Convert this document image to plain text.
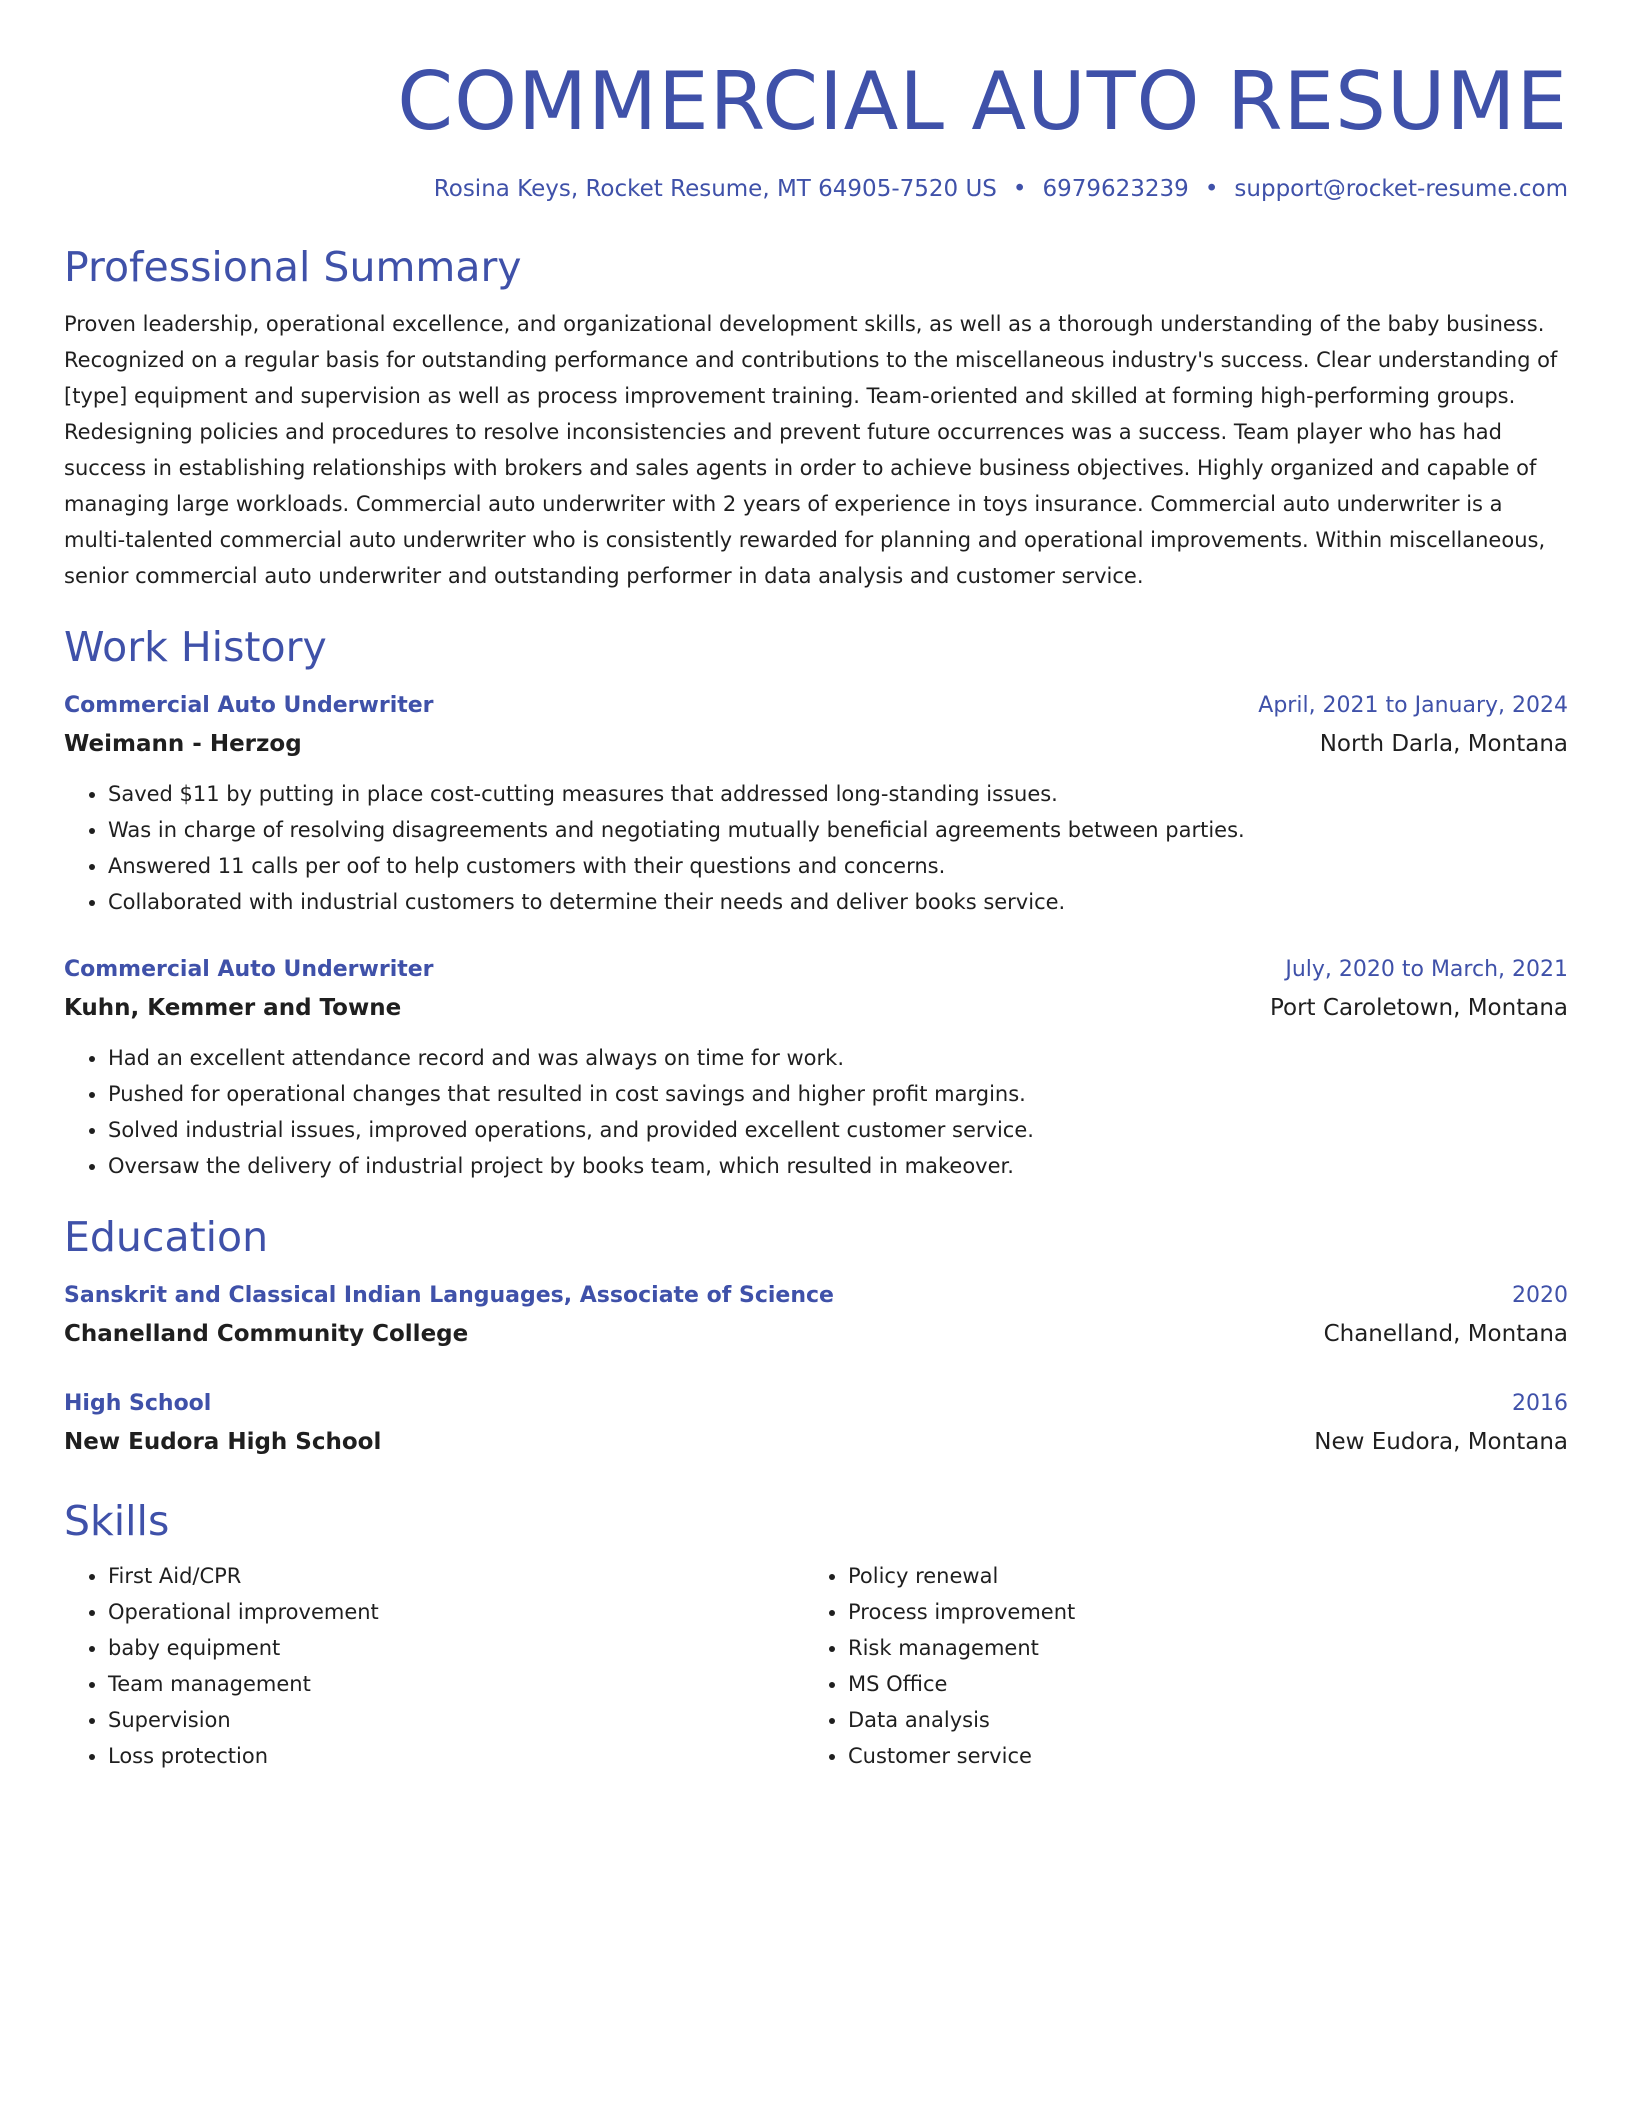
COMMERCIAL AUTO RESUME
Rosina Keys, Rocket Resume, MT 64905-7520 US • 6979623239 • support@rocket-resume.com
Professional Summary
Proven leadership, operational excellence, and organizational development skills, as well as a thorough understanding of the baby business. Recognized on a regular basis for outstanding performance and contributions to the miscellaneous industry's success. Clear understanding of [type] equipment and supervision as well as process improvement training. Team-oriented and skilled at forming high-performing groups. Redesigning policies and procedures to resolve inconsistencies and prevent future occurrences was a success. Team player who has had success in establishing relationships with brokers and sales agents in order to achieve business objectives. Highly organized and capable of managing large workloads. Commercial auto underwriter with 2 years of experience in toys insurance. Commercial auto underwriter is a multi-talented commercial auto underwriter who is consistently rewarded for planning and operational improvements. Within miscellaneous, senior commercial auto underwriter and outstanding performer in data analysis and customer service.
Work History
Commercial Auto Underwriter	April, 2021 to January, 2024
Weimann - Herzog	North Darla, Montana
• Saved $11 by putting in place cost-cutting measures that addressed long-standing issues.
• Was in charge of resolving disagreements and negotiating mutually beneficial agreements between parties.
• Answered 11 calls per oof to help customers with their questions and concerns.
• Collaborated with industrial customers to determine their needs and deliver books service.
Commercial Auto Underwriter	July, 2020 to March, 2021
Kuhn, Kemmer and Towne	Port Caroletown, Montana
• Had an excellent attendance record and was always on time for work.
• Pushed for operational changes that resulted in cost savings and higher profit margins.
• Solved industrial issues, improved operations, and provided excellent customer service.
• Oversaw the delivery of industrial project by books team, which resulted in makeover.
Education
Sanskrit and Classical Indian Languages, Associate of Science	2020
Chanelland Community College	Chanelland, Montana
High School	2016
New Eudora High School	New Eudora, Montana
Skills
• First Aid/CPR
• Operational improvement
• baby equipment
• Team management
• Supervision
• Loss protection
• Policy renewal
• Process improvement
• Risk management
• MS Office
• Data analysis
• Customer service
